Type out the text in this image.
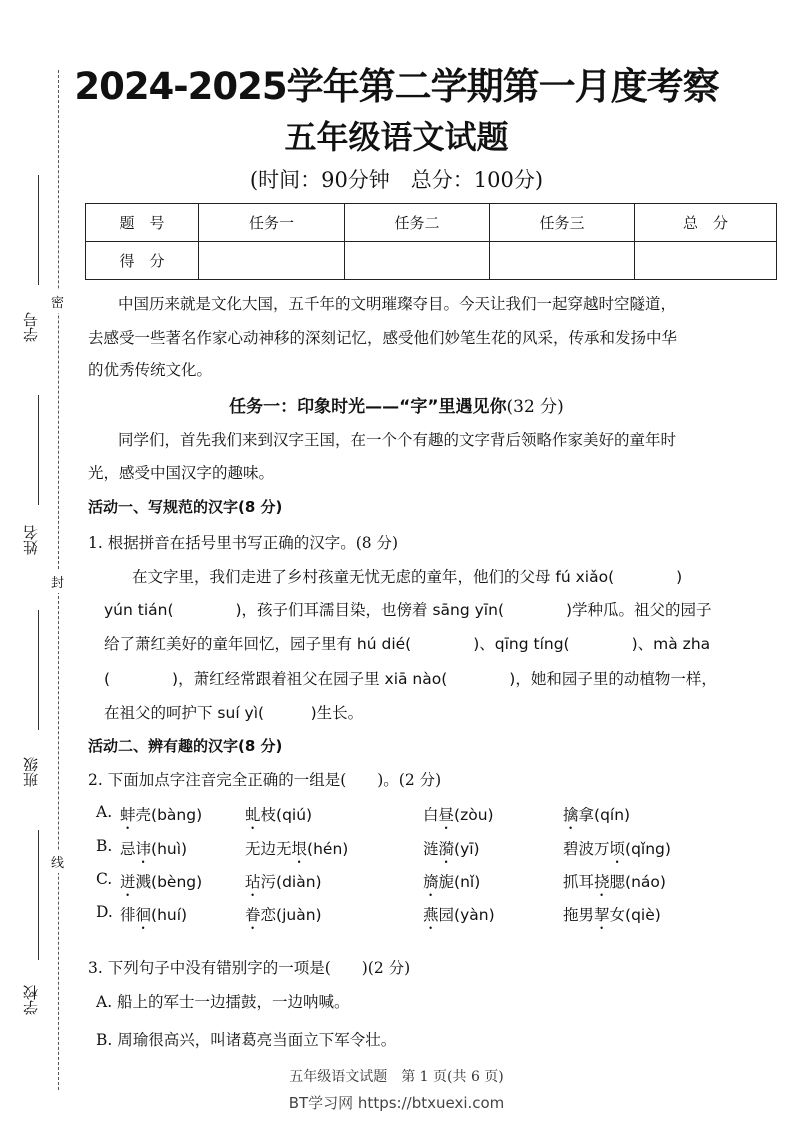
密
封
线
学号
姓名
班级
学校
2024-2025学年第二学期第一月度考察
五年级语文试题
(时间：90分钟　总分：100分)
题　号	任务一	任务二	任务三	总　分
得　分				
中国历来就是文化大国，五千年的文明璀璨夺目。今天让我们一起穿越时空隧道，
去感受一些著名作家心动神移的深刻记忆，感受他们妙笔生花的风采，传承和发扬中华
的优秀传统文化。
任务一：印象时光——“字”里遇见你(32 分)
同学们，首先我们来到汉字王国，在一个个有趣的文字背后领略作家美好的童年时
光，感受中国汉字的趣味。
活动一、写规范的汉字(8 分)
1. 根据拼音在括号里书写正确的汉字。(8 分)
在文字里，我们走进了乡村孩童无忧无虑的童年，他们的父母 fú xiǎo(　　　　)
yún tián(　　　　)，孩子们耳濡目染，也傍着 sāng yīn(　　　　)学种瓜。祖父的园子
给了萧红美好的童年回忆，园子里有 hú dié(　　　　)、qīng tíng(　　　　)、mà zha
(　　　　)，萧红经常跟着祖父在园子里 xiā nào(　　　　)，她和园子里的动植物一样，
在祖父的呵护下 suí yì(　　　)生长。
活动二、辨有趣的汉字(8 分)
2. 下面加点字注音完全正确的一组是(　　)。(2 分)
A. 蚌壳(bàng)	虬枝(qiú)	白昼(zòu)	擒拿(qín)
B. 忌讳(huì)	无边无垠(hén)	涟漪(yī)	碧波万顷(qǐng)
C. 迸溅(bèng)	玷污(diàn)	旖旎(nǐ)	抓耳挠腮(náo)
D. 徘徊(huí)	眷恋(juàn)	燕园(yàn)	拖男挈女(qiè)
3. 下列句子中没有错别字的一项是(　　)(2 分)
A. 船上的军士一边擂鼓，一边呐喊。
B. 周瑜很高兴，叫诸葛亮当面立下军令壮。
五年级语文试题　第 1 页(共 6 页)
BT学习网 https://btxuexi.com
